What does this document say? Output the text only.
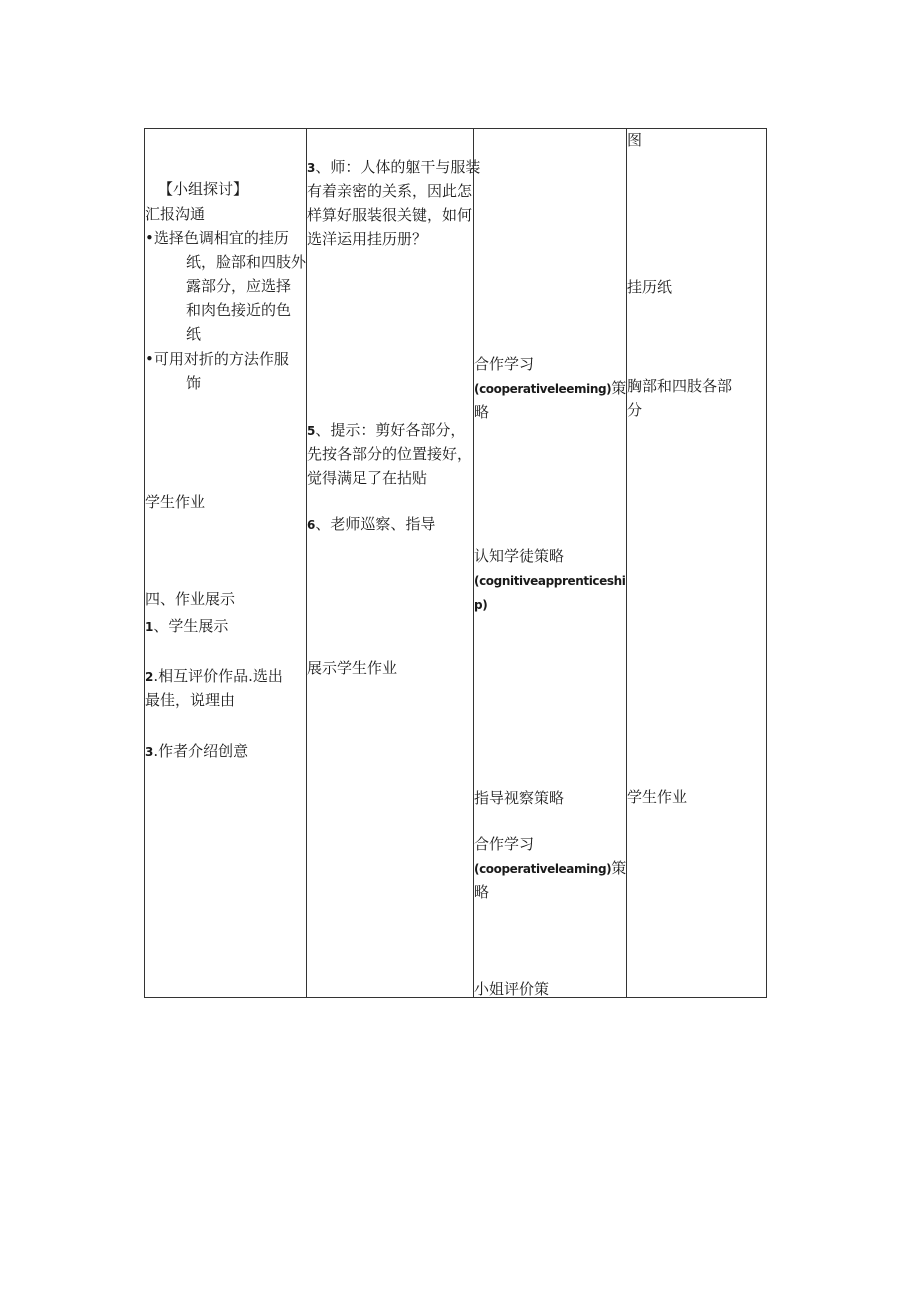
【小组探讨】
汇报沟通
•选择色调相宜的挂历
纸，脸部和四肢外
露部分，应选择
和肉色接近的色
纸
•可用对折的方法作服
饰
学生作业
四、作业展示
1、学生展示
2.相互评价作品.选出
最佳，说理由
3.作者介绍创意
3、师：人体的躯干与服装
有着亲密的关系，因此怎
样算好服装很关键，如何
选洋运用挂历册？
5、提示：剪好各部分，
先按各部分的位置接好，
觉得满足了在拈贴
6、老师巡察、指导
展示学生作业
合作学习
(cooperativeleeming)策
略
认知学徒策略
(cognitiveapprenticeshi
p)
指导视察策略
合作学习
(cooperativeleaming)策
略
小姐评价策
图
挂历纸
胸部和四肢各部
分
学生作业
